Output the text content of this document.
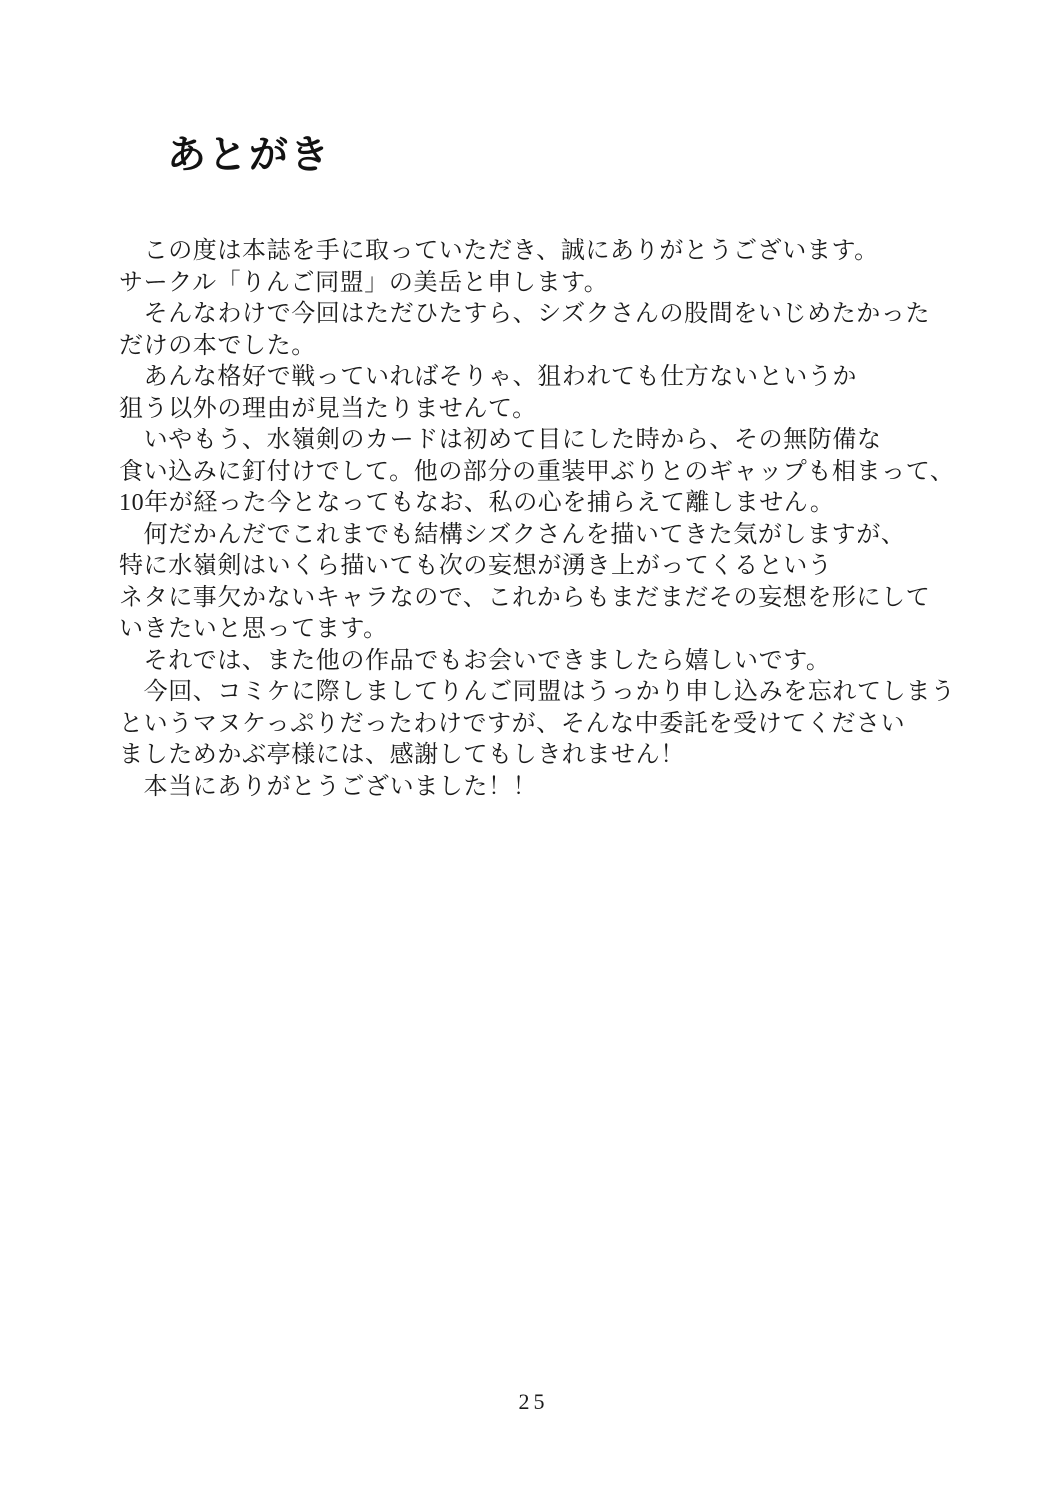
あとがき

　この度は本誌を手に取っていただき、誠にありがとうございます。
サークル「りんご同盟」の美岳と申します。

　そんなわけで今回はただひたすら、シズクさんの股間をいじめたかった
だけの本でした。
　あんな格好で戦っていればそりゃ、狙われても仕方ないというか
狙う以外の理由が見当たりませんて。

　いやもう、水嶺剣のカードは初めて目にした時から、その無防備な
食い込みに釘付けでして。他の部分の重装甲ぶりとのギャップも相まって、
10年が経った今となってもなお、私の心を捕らえて離しません。

　何だかんだでこれまでも結構シズクさんを描いてきた気がしますが、
特に水嶺剣はいくら描いても次の妄想が湧き上がってくるという
ネタに事欠かないキャラなので、これからもまだまだその妄想を形にして
いきたいと思ってます。

　それでは、また他の作品でもお会いできましたら嬉しいです。

　今回、コミケに際しましてりんご同盟はうっかり申し込みを忘れてしまう
というマヌケっぷりだったわけですが、そんな中委託を受けてください
ましためかぶ亭様には、感謝してもしきれません！
　本当にありがとうございました！！

25
